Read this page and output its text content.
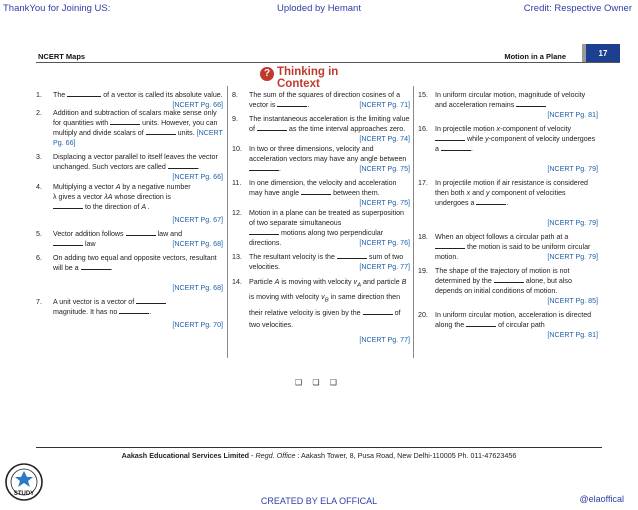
ThankYou for Joining US:	Uploded by Hemant	Credit: Respective Owner
NCERT Maps	Motion in a Plane	17
? Thinking in Context
1. The	of a vector is called its absolute value.
[NCERT Pg. 66]
2. Addition and subtraction of scalars make sense only for quantities with	units. However, you can multiply and divide scalars of	units. [NCERT Pg. 66]
3. Displacing a vector parallel to itself leaves the vector unchanged. Such vectors are called	.
[NCERT Pg. 66]
4. Multiplying a vector A by a negative number
λ gives a vector λA whose direction is
to the direction of A .
[NCERT Pg. 67]
5. Vector addition follows	law and
law	[NCERT Pg. 68]
6. On adding two equal and opposite vectors, resultant will be a	.
[NCERT Pg. 68]
7. A unit vector is a vector of
magnitude. It has no	.
[NCERT Pg. 70]
8. The sum of the squares of direction cosines of a vector is	.	[NCERT Pg. 71]
9. The instantaneous acceleration is the limiting value of	as the time interval approaches zero.
[NCERT Pg. 74]
10. In two or three dimensions, velocity and acceleration vectors may have any angle between .	[NCERT Pg. 75]
11. In one dimension, the velocity and acceleration may have angle	between them.
[NCERT Pg. 75]
12. Motion in a plane can be treated as superposition of two separate simultaneous
motions along two perpendicular directions.	[NCERT Pg. 76]
13. The resultant velocity is the	sum of two velocities.	[NCERT Pg. 77]
14. Particle A is moving with velocity $v_A$ and particle B is moving with velocity $v_B$ in same direction then their relative velocity is given by the	of two velocities.
[NCERT Pg. 77]
15. In uniform circular motion, magnitude of velocity and acceleration remains
[NCERT Pg. 81]
16. In projectile motion x-component of velocity
while y-component of velocity undergoes a	.
[NCERT Pg. 79]
17. In projectile motion if air resistance is considered then both x and y component of velocities undergoes a	.
[NCERT Pg. 79]
18. When an object follows a circular path at a
the motion is said to be uniform circular motion.	[NCERT Pg. 79]
19. The shape of the trajectory of motion is not determined by the	alone, but also depends on initial conditions of motion.
[NCERT Pg. 85]
20. In uniform circular motion, acceleration is directed along the	of circular path
[NCERT Pg. 81]
❑ ❑ ❑
Aakash Educational Services Limited - Regd. Office : Aakash Tower, 8, Pusa Road, New Delhi-110005 Ph. 011-47623456
STUDY
CREATED BY ELA OFFICAL	@elaoffical
